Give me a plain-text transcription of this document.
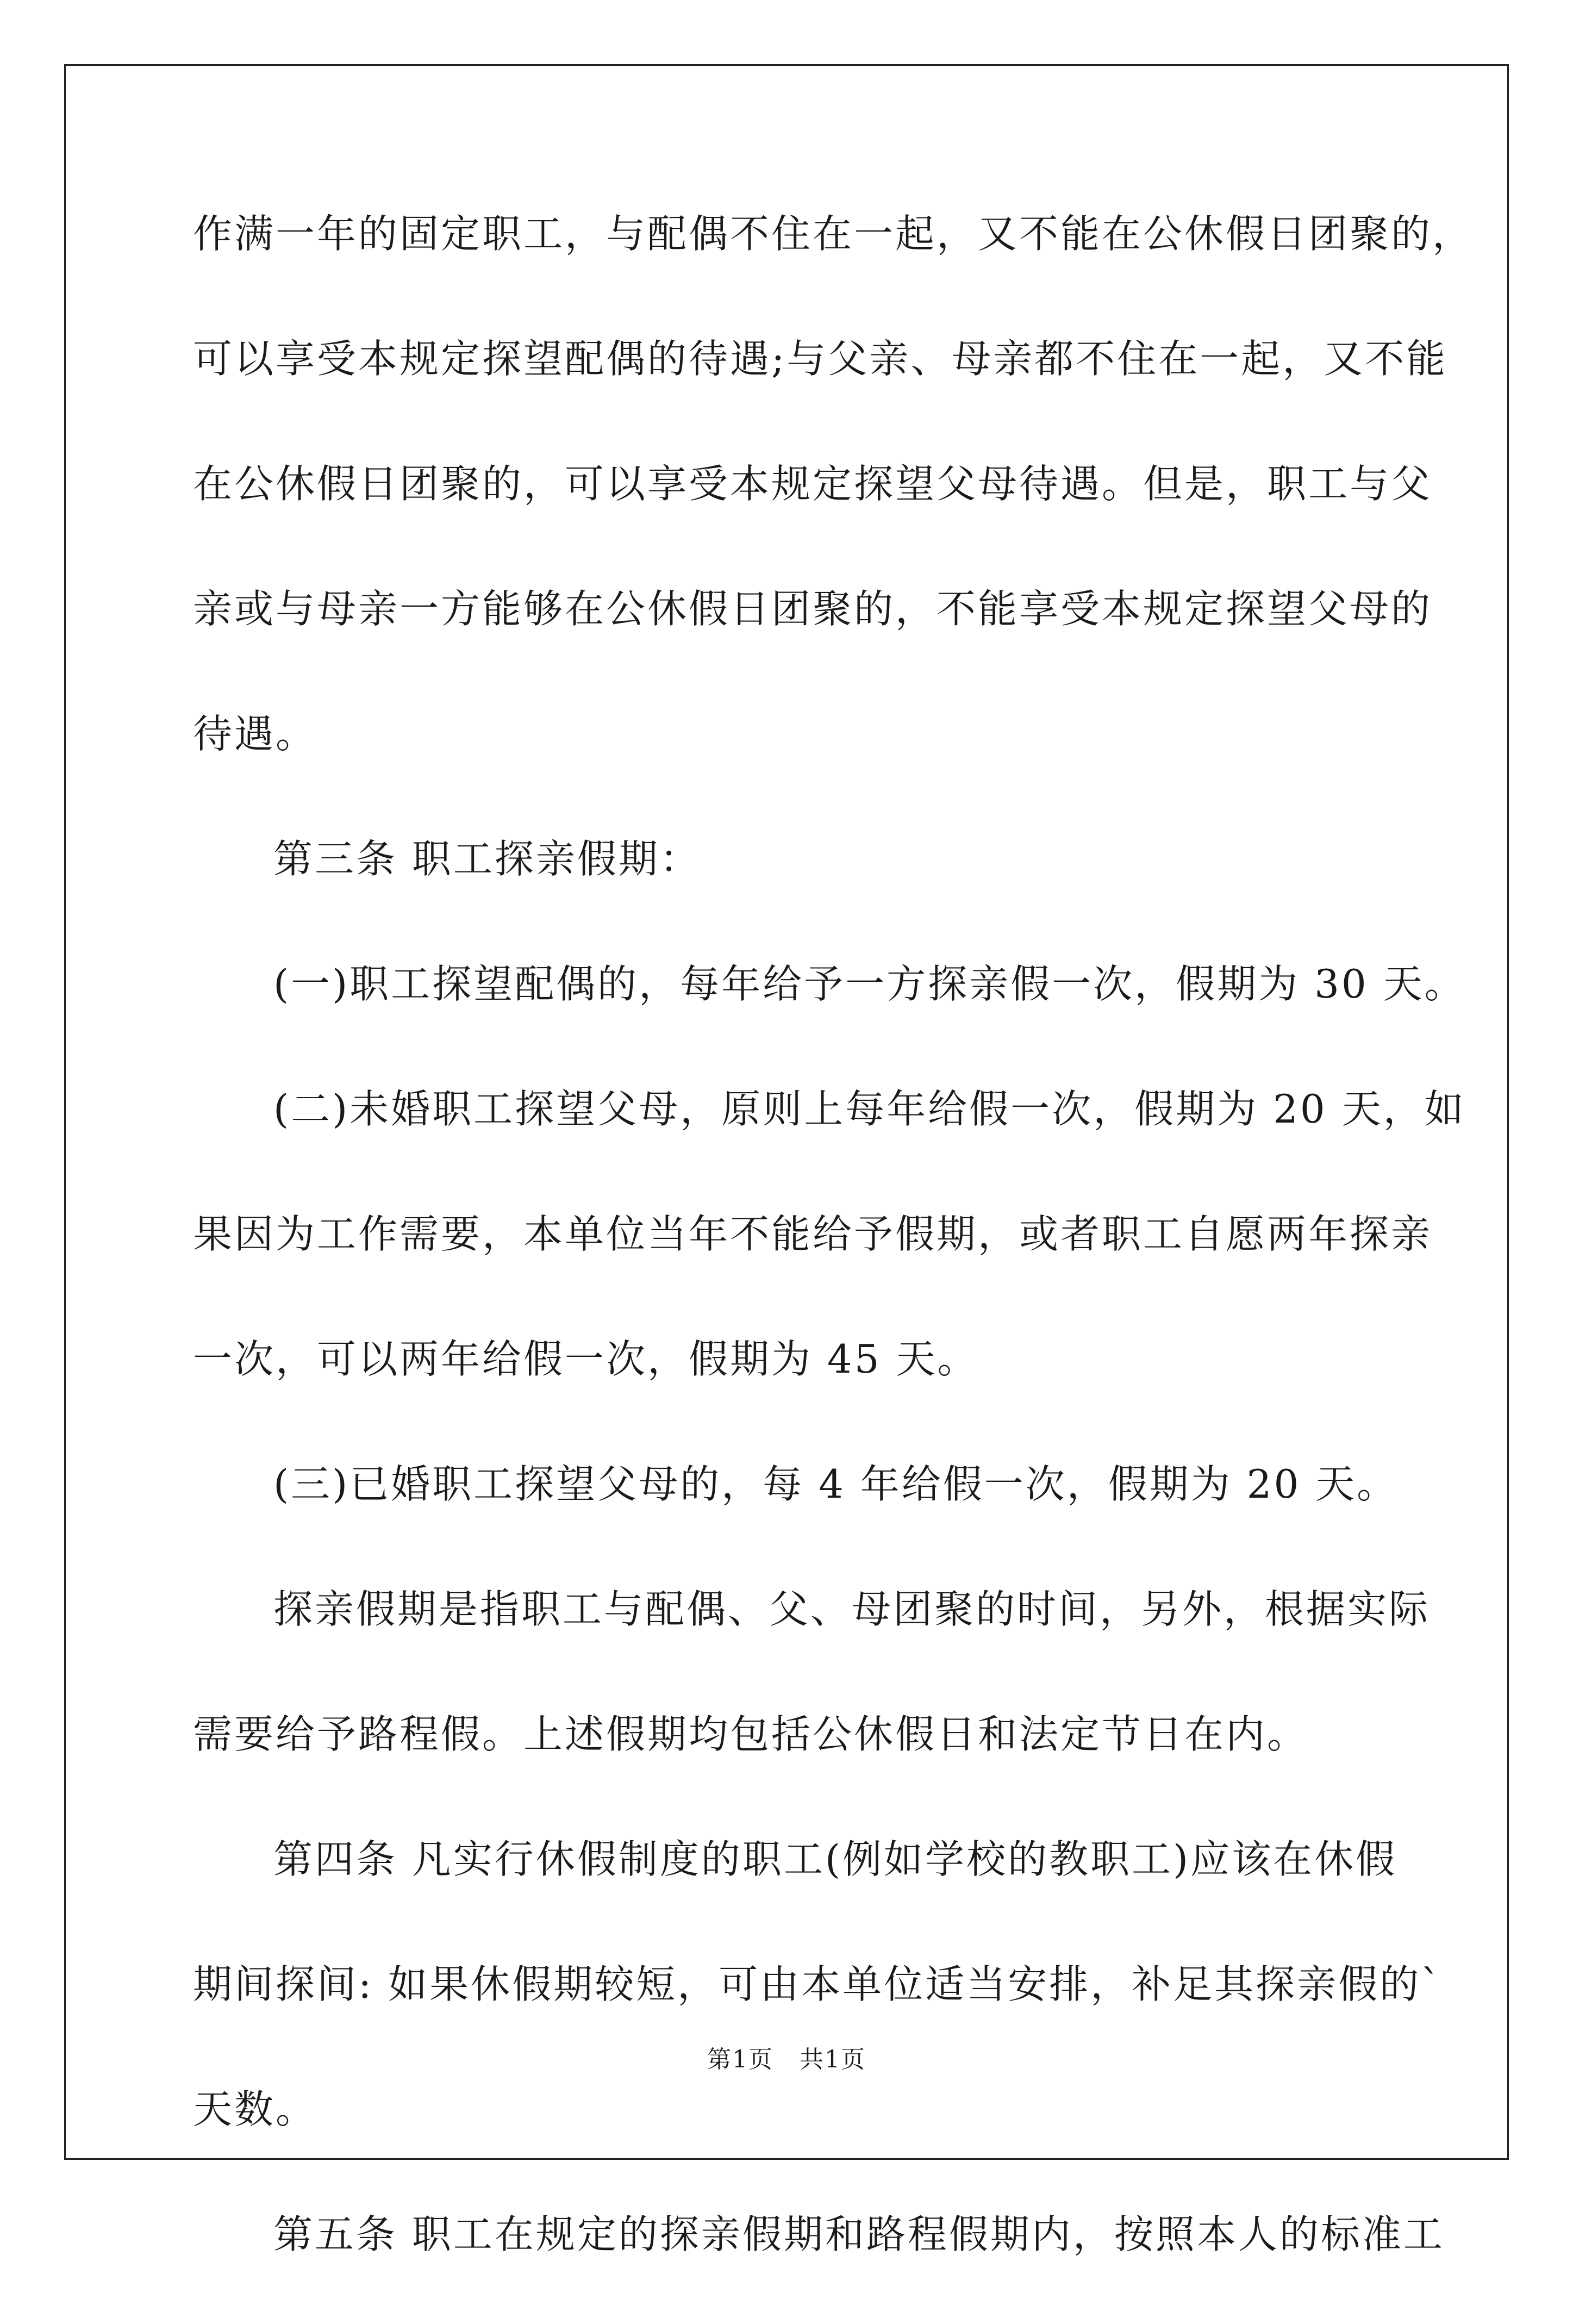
作满一年的固定职工，与配偶不住在一起，又不能在公休假日团聚的，
可以享受本规定探望配偶的待遇;与父亲、母亲都不住在一起，又不能
在公休假日团聚的，可以享受本规定探望父母待遇。但是，职工与父
亲或与母亲一方能够在公休假日团聚的，不能享受本规定探望父母的
待遇。
第三条 职工探亲假期：
(一)职工探望配偶的，每年给予一方探亲假一次，假期为 30 天。
(二)未婚职工探望父母，原则上每年给假一次，假期为 20 天，如
果因为工作需要，本单位当年不能给予假期，或者职工自愿两年探亲
一次，可以两年给假一次，假期为 45 天。
(三)已婚职工探望父母的，每 4 年给假一次，假期为 20 天。
探亲假期是指职工与配偶、父、母团聚的时间，另外，根据实际
需要给予路程假。上述假期均包括公休假日和法定节日在内。
第四条 凡实行休假制度的职工(例如学校的教职工)应该在休假
期间探间: 如果休假期较短，可由本单位适当安排，补足其探亲假的`
天数。
第五条 职工在规定的探亲假期和路程假期内，按照本人的标准工
第1页   共1页
